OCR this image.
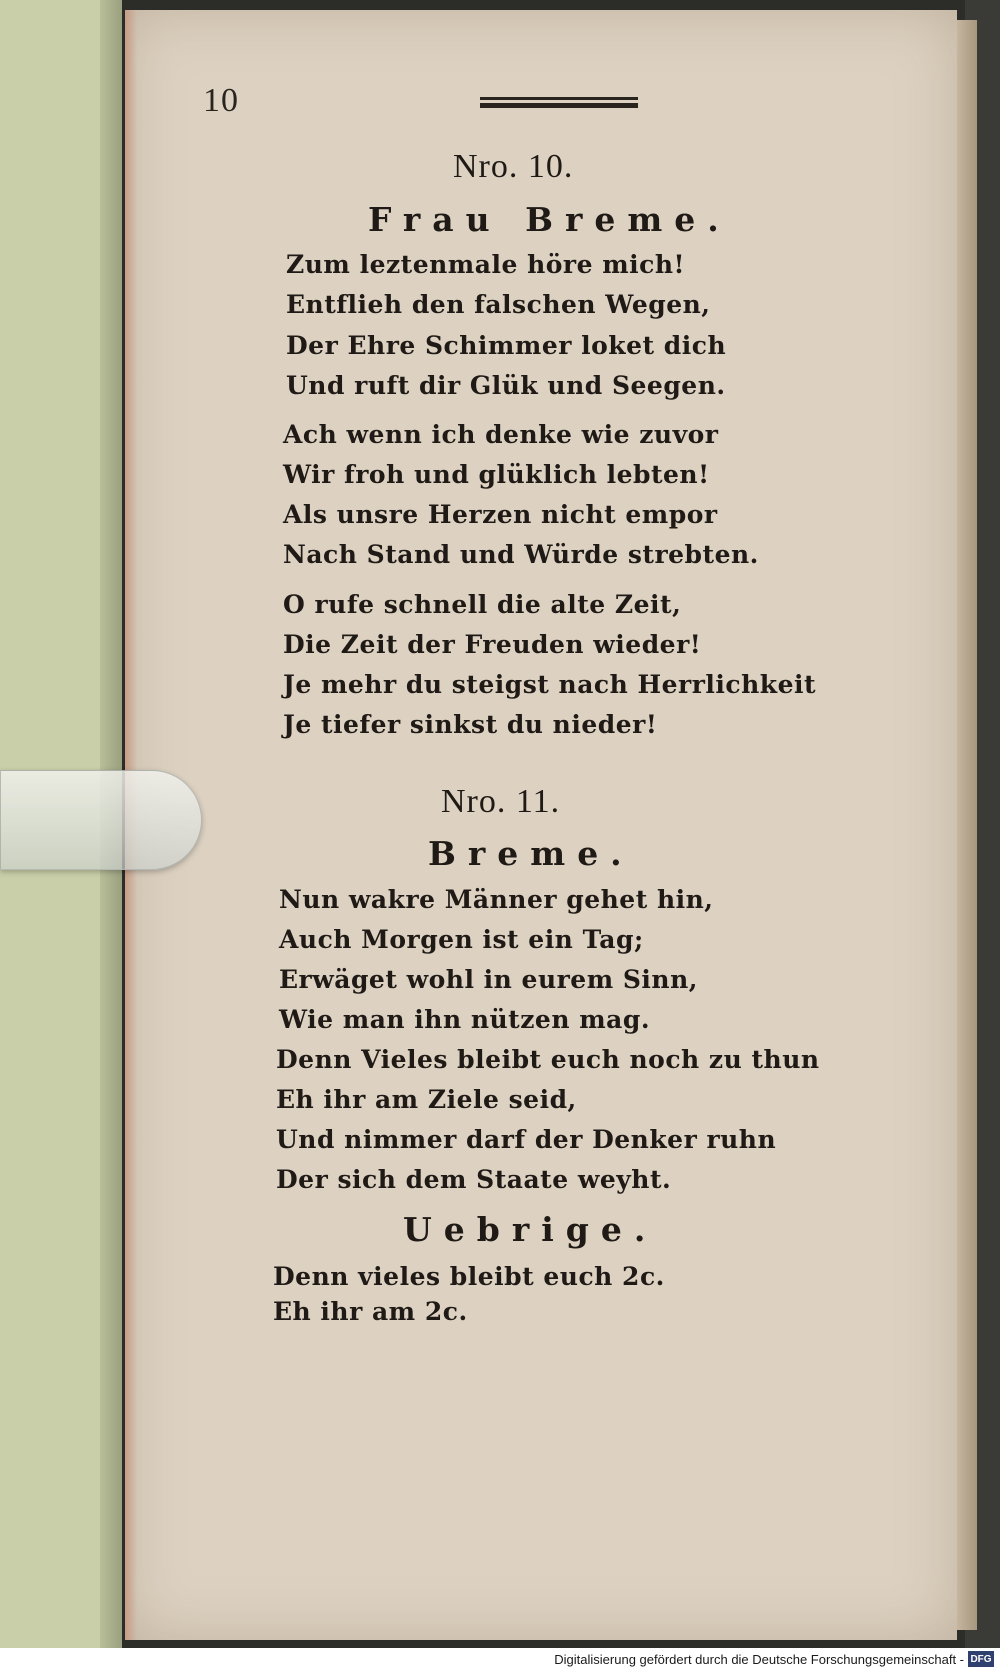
10

Nro. 10.

Frau Breme.

Zum leztenmale höre mich!

Entflieh den falschen Wegen,

Der Ehre Schimmer loket dich

Und ruft dir Glük und Seegen.

Ach wenn ich denke wie zuvor

Wir froh und glüklich lebten!

Als unsre Herzen nicht empor

Nach Stand und Würde strebten.

O rufe schnell die alte Zeit,

Die Zeit der Freuden wieder!

Je mehr du steigst nach Herrlichkeit

Je tiefer sinkst du nieder!

Nro. 11.

Breme.

Nun wakre Männer gehet hin,

Auch Morgen ist ein Tag;

Erwäget wohl in eurem Sinn,

Wie man ihn nützen mag.

Denn Vieles bleibt euch noch zu thun

Eh ihr am Ziele seid,

Und nimmer darf der Denker ruhn

Der sich dem Staate weyht.

Uebrige.

Denn vieles bleibt euch 2c.

Eh ihr am 2c.

Digitalisierung gefördert durch die Deutsche Forschungsgemeinschaft - DFG
